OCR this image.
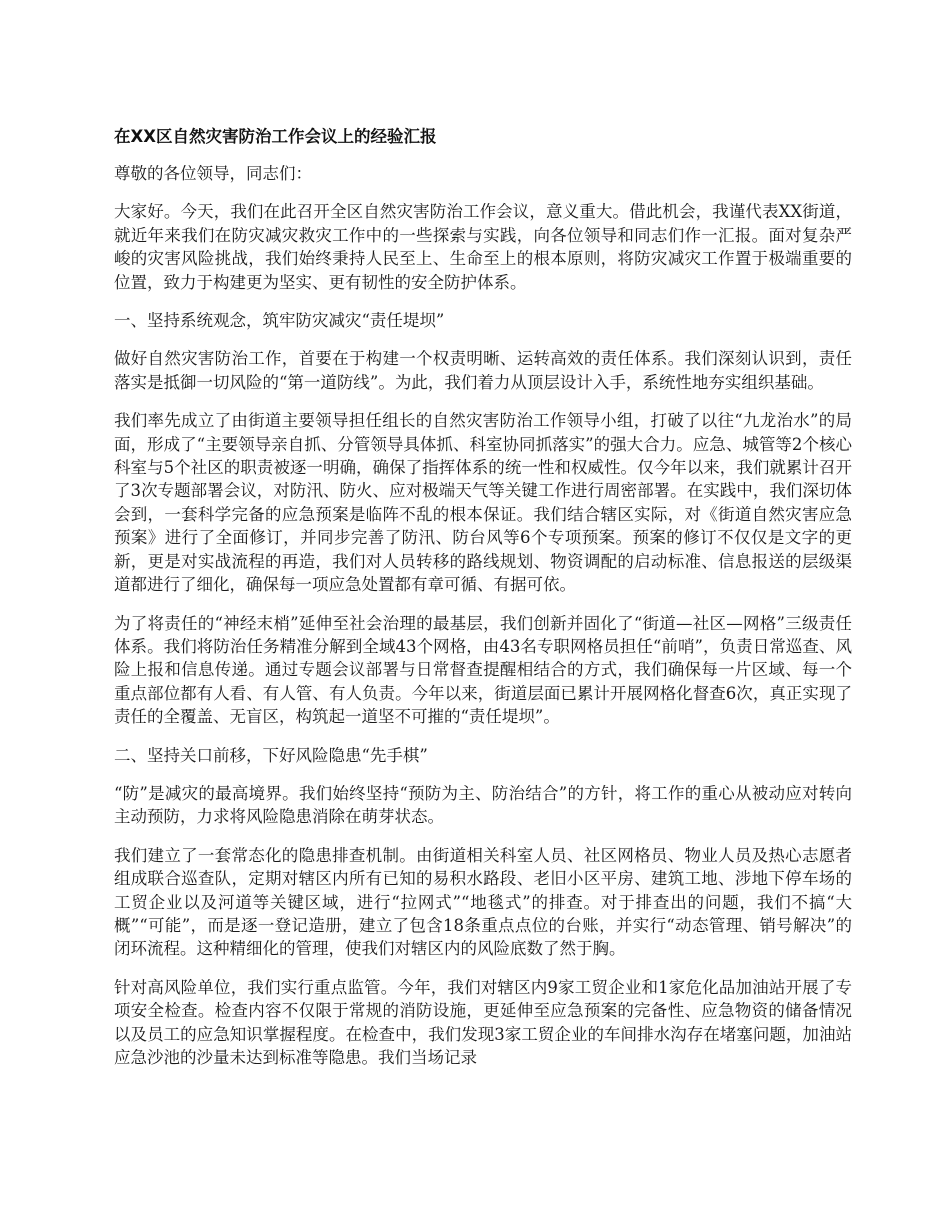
在XX区自然灾害防治工作会议上的经验汇报

尊敬的各位领导，同志们：

大家好。今天，我们在此召开全区自然灾害防治工作会议，意义重大。借此机会，我谨代表XX街道，就近年来我们在防灾减灾救灾工作中的一些探索与实践，向各位领导和同志们作一汇报。面对复杂严峻的灾害风险挑战，我们始终秉持人民至上、生命至上的根本原则，将防灾减灾工作置于极端重要的位置，致力于构建更为坚实、更有韧性的安全防护体系。

一、坚持系统观念，筑牢防灾减灾“责任堤坝”

做好自然灾害防治工作，首要在于构建一个权责明晰、运转高效的责任体系。我们深刻认识到，责任落实是抵御一切风险的“第一道防线”。为此，我们着力从顶层设计入手，系统性地夯实组织基础。

我们率先成立了由街道主要领导担任组长的自然灾害防治工作领导小组，打破了以往“九龙治水”的局面，形成了“主要领导亲自抓、分管领导具体抓、科室协同抓落实”的强大合力。应急、城管等2个核心科室与5个社区的职责被逐一明确，确保了指挥体系的统一性和权威性。仅今年以来，我们就累计召开了3次专题部署会议，对防汛、防火、应对极端天气等关键工作进行周密部署。在实践中，我们深切体会到，一套科学完备的应急预案是临阵不乱的根本保证。我们结合辖区实际，对《街道自然灾害应急预案》进行了全面修订，并同步完善了防汛、防台风等6个专项预案。预案的修订不仅仅是文字的更新，更是对实战流程的再造，我们对人员转移的路线规划、物资调配的启动标准、信息报送的层级渠道都进行了细化，确保每一项应急处置都有章可循、有据可依。

为了将责任的“神经末梢”延伸至社会治理的最基层，我们创新并固化了“街道—社区—网格”三级责任体系。我们将防治任务精准分解到全域43个网格，由43名专职网格员担任“前哨”，负责日常巡查、风险上报和信息传递。通过专题会议部署与日常督查提醒相结合的方式，我们确保每一片区域、每一个重点部位都有人看、有人管、有人负责。今年以来，街道层面已累计开展网格化督查6次，真正实现了责任的全覆盖、无盲区，构筑起一道坚不可摧的“责任堤坝”。

二、坚持关口前移，下好风险隐患“先手棋”

“防”是减灾的最高境界。我们始终坚持“预防为主、防治结合”的方针，将工作的重心从被动应对转向主动预防，力求将风险隐患消除在萌芽状态。

我们建立了一套常态化的隐患排查机制。由街道相关科室人员、社区网格员、物业人员及热心志愿者组成联合巡查队，定期对辖区内所有已知的易积水路段、老旧小区平房、建筑工地、涉地下停车场的工贸企业以及河道等关键区域，进行“拉网式”“地毯式”的排查。对于排查出的问题，我们不搞“大概”“可能”，而是逐一登记造册，建立了包含18条重点点位的台账，并实行“动态管理、销号解决”的闭环流程。这种精细化的管理，使我们对辖区内的风险底数了然于胸。

针对高风险单位，我们实行重点监管。今年，我们对辖区内9家工贸企业和1家危化品加油站开展了专项安全检查。检查内容不仅限于常规的消防设施，更延伸至应急预案的完备性、应急物资的储备情况以及员工的应急知识掌握程度。在检查中，我们发现3家工贸企业的车间排水沟存在堵塞问题，加油站应急沙池的沙量未达到标准等隐患。我们当场记录
